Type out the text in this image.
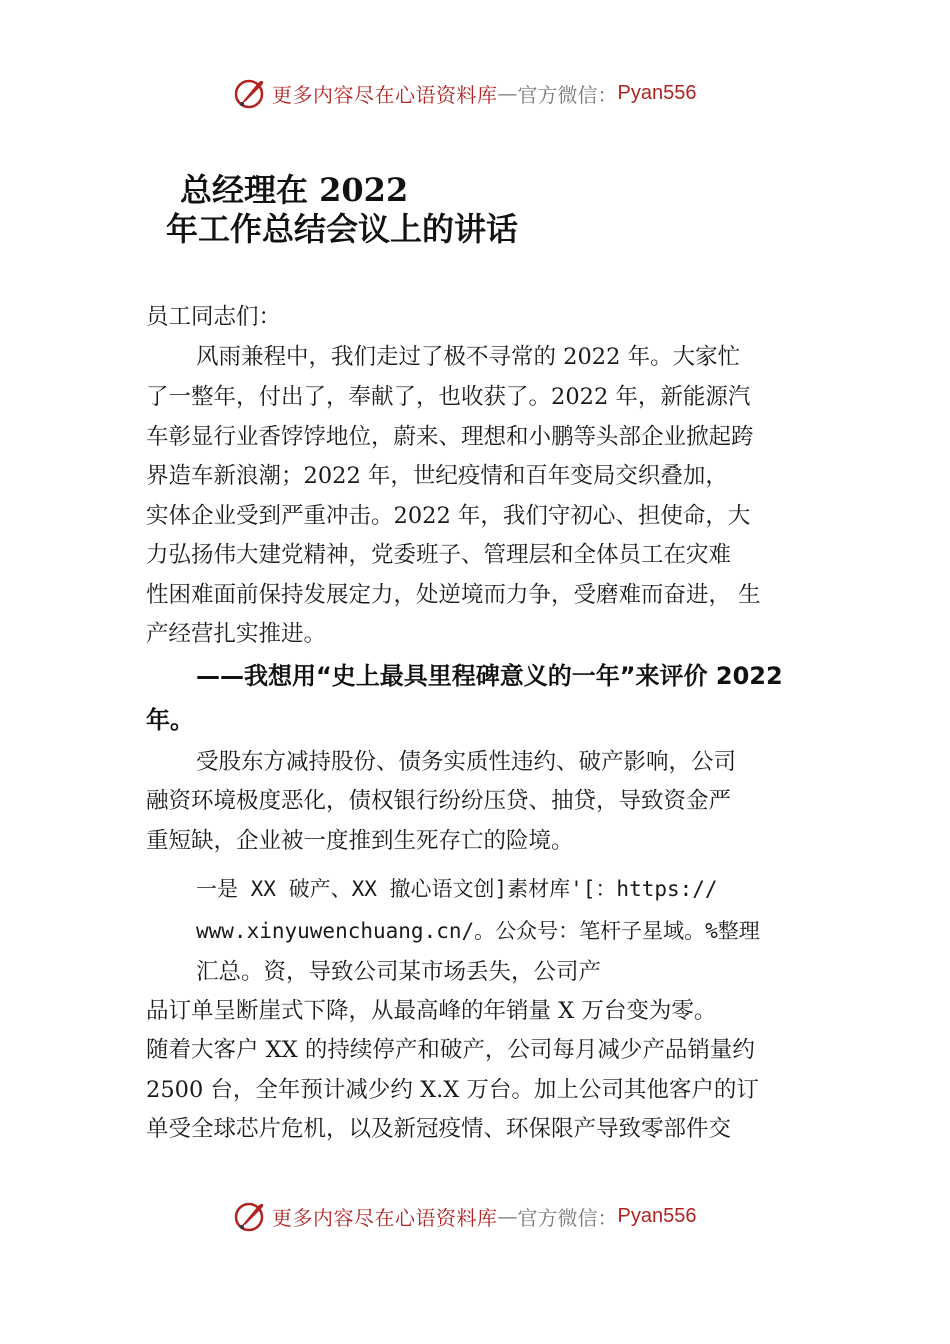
更多内容尽在心语资料库 — 官方微信： Pyan556
总经理在 2022
年工作总结会议上的讲话
员工同志们：
风雨兼程中，我们走过了极不寻常的 2022 年。大家忙
了一整年，付出了，奉献了，也收获了。2022 年，新能源汽
车彰显行业香饽饽地位，蔚来、理想和小鹏等头部企业掀起跨
界造车新浪潮；2022 年，世纪疫情和百年变局交织叠加，
实体企业受到严重冲击。2022 年，我们守初心、担使命，大
力弘扬伟大建党精神，党委班子、管理层和全体员工在灾难
性困难面前保持发展定力，处逆境而力争，受磨难而奋进， 生
产经营扎实推进。
——我想用“史上最具里程碑意义的一年”来评价 2022
年。
受股东方减持股份、债务实质性违约、破产影响，公司
融资环境极度恶化，债权银行纷纷压贷、抽贷，导致资金严
重短缺，企业被一度推到生死存亡的险境。
一是 XX 破产、XX 撤心语文创]素材库'[：https://
www.xinyuwenchuang.cn/。公众号：笔杆子星域。%整理
汇总。资，导致公司某市场丢失，公司产
品订单呈断崖式下降，从最高峰的年销量 X 万台变为零。
随着大客户 XX 的持续停产和破产，公司每月减少产品销量约
2500 台，全年预计减少约 X.X 万台。加上公司其他客户的订
单受全球芯片危机，以及新冠疫情、环保限产导致零部件交
更多内容尽在心语资料库 — 官方微信： Pyan556
